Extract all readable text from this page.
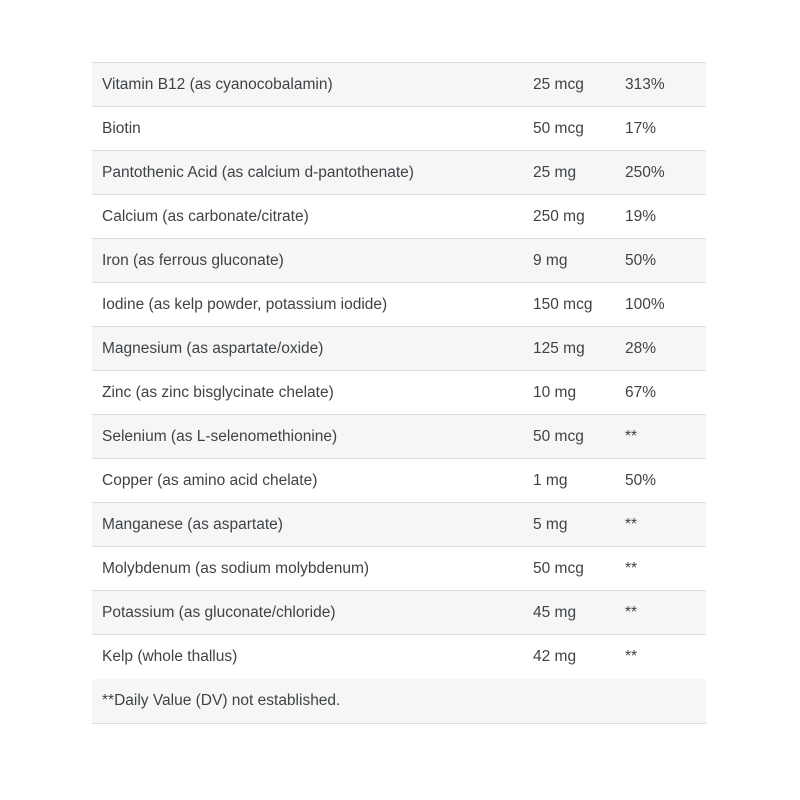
Vitamin B12 (as cyanocobalamin)	25 mcg	313%
Biotin	50 mcg	17%
Pantothenic Acid (as calcium d-pantothenate)	25 mg	250%
Calcium (as carbonate/citrate)	250 mg	19%
Iron (as ferrous gluconate)	9 mg	50%
Iodine (as kelp powder, potassium iodide)	150 mcg	100%
Magnesium (as aspartate/oxide)	125 mg	28%
Zinc (as zinc bisglycinate chelate)	10 mg	67%
Selenium (as L-selenomethionine)	50 mcg	**
Copper (as amino acid chelate)	1 mg	50%
Manganese (as aspartate)	5 mg	**
Molybdenum (as sodium molybdenum)	50 mcg	**
Potassium (as gluconate/chloride)	45 mg	**
Kelp (whole thallus)	42 mg	**
**Daily Value (DV) not established.
